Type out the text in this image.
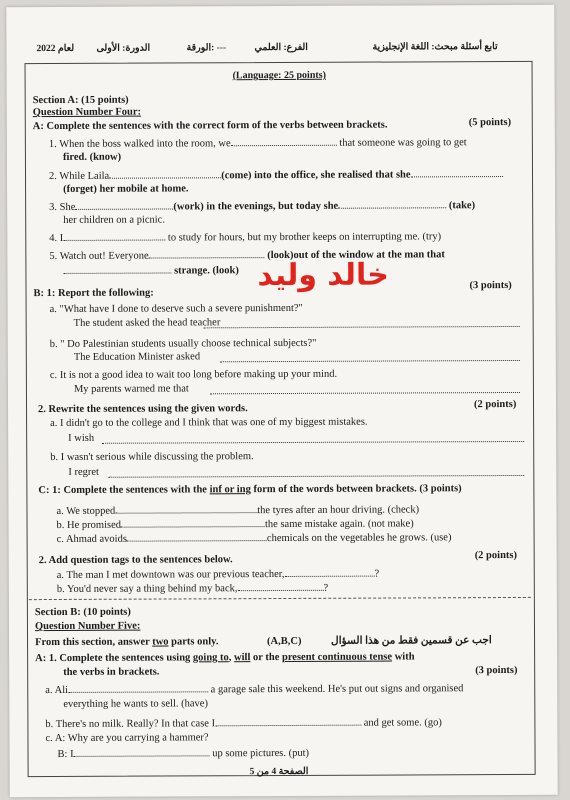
لعام 2022 الدورة: الأولى	الورقة: ---	الفرع: العلمي	تابع أسئلة مبحث: اللغة الإنجليزية
(Language: 25 points)
Section A: (15 points)
Question Number Four:
A: Complete the sentences with the correct form of the verbs between brackets.	(5 points)
1. When the boss walked into the room, we	that someone was going to get
fired. (know)
2. While Laila	(come) into the office, she realised that she
(forget) her mobile at home.
3. She	(work) in the evenings, but today she	(take)
her children on a picnic.
4. I	to study for hours, but my brother keeps on interrupting me. (try)
5. Watch out! Everyone	(look)out of the window at the man that
strange. (look) خالد وليد
B: 1: Report the following:
(3 points)
a. "What have I done to deserve such a severe punishment?"
The student asked the head teacher
b. " Do Palestinian students usually choose technical subjects?"
The Education Minister asked
c. It is not a good idea to wait too long before making up your mind.
My parents warned me that
2. Rewrite the sentences using the given words.	(2 points)
a. I didn't go to the college and I think that was one of my biggest mistakes.
I wish
b. I wasn't serious while discussing the problem.
I regret
C: 1: Complete the sentences with the inf or ing form of the words between brackets. (3 points)
a. We stopped	the tyres after an hour driving. (check)
b. He promised	the same mistake again. (not make)
c. Ahmad avoids	chemicals on the vegetables he grows. (use)
2. Add question tags to the sentences below.	(2 points)
a. The man I met downtown was our previous teacher,	?
b. You'd never say a thing behind my back,	?
Section B: (10 points)
Question Number Five:
From this section, answer two parts only.	(A,B,C)	اجب عن قسمين فقط من هذا السؤال
A: 1. Complete the sentences using going to, will or the present continuous tense with
the verbs in brackets.	(3 points)
a. Ali	a garage sale this weekend. He's put out signs and organised
everything he wants to sell. (have)
b. There's no milk. Really? In that case I	and get some. (go)
c. A: Why are you carrying a hammer?
B: I	up some pictures. (put)
الصفحة 4 من 5
